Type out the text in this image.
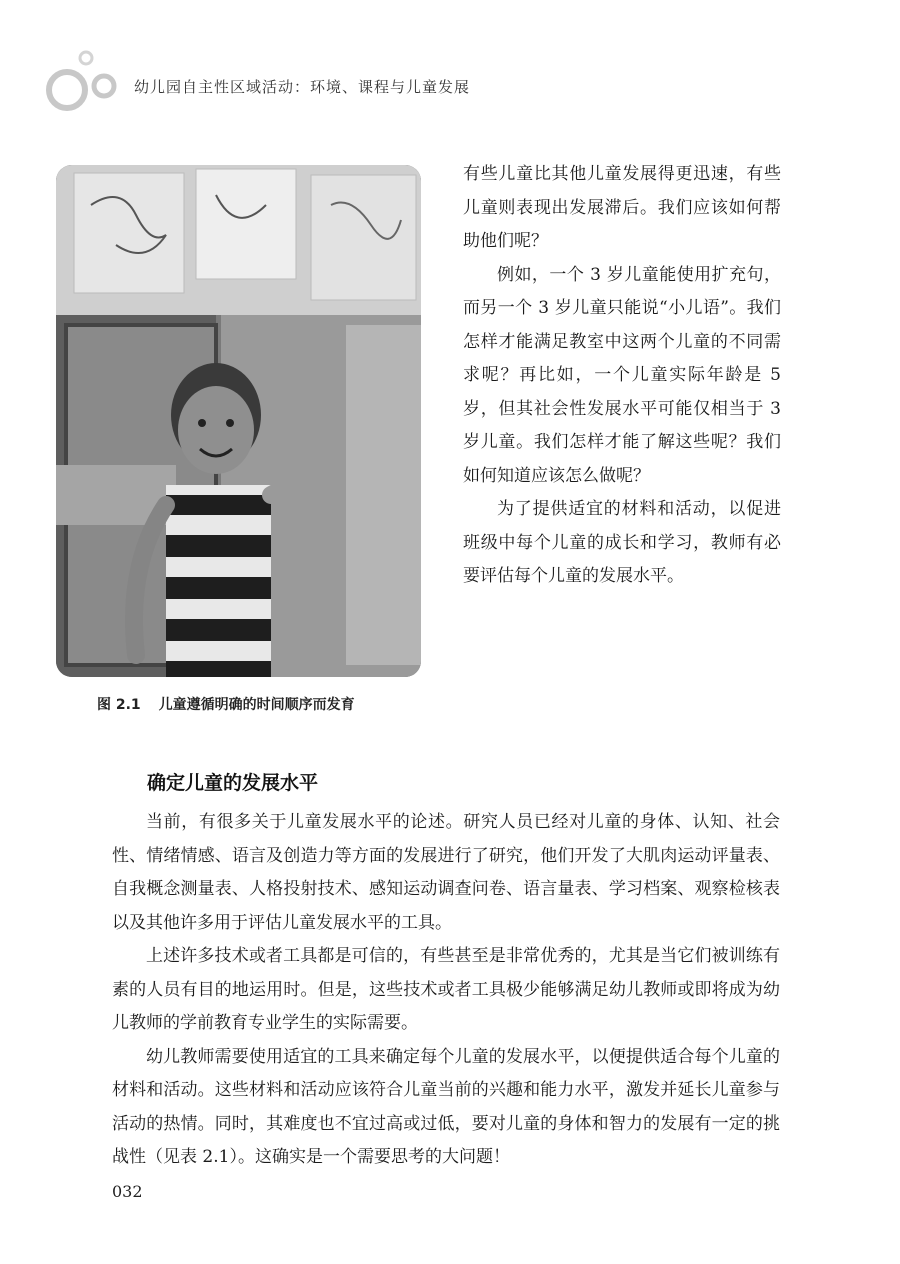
幼儿园自主性区域活动：环境、课程与儿童发展
图 2.1 儿童遵循明确的时间顺序而发育

有些儿童比其他儿童发展得更迅速，有些儿童则表现出发展滞后。我们应该如何帮助他们呢？

例如，一个 3 岁儿童能使用扩充句，而另一个 3 岁儿童只能说“小儿语”。我们怎样才能满足教室中这两个儿童的不同需求呢？再比如，一个儿童实际年龄是 5 岁，但其社会性发展水平可能仅相当于 3 岁儿童。我们怎样才能了解这些呢？我们如何知道应该怎么做呢？

为了提供适宜的材料和活动，以促进班级中每个儿童的成长和学习，教师有必要评估每个儿童的发展水平。

确定儿童的发展水平

当前，有很多关于儿童发展水平的论述。研究人员已经对儿童的身体、认知、社会性、情绪情感、语言及创造力等方面的发展进行了研究，他们开发了大肌肉运动评量表、自我概念测量表、人格投射技术、感知运动调查问卷、语言量表、学习档案、观察检核表以及其他许多用于评估儿童发展水平的工具。

上述许多技术或者工具都是可信的，有些甚至是非常优秀的，尤其是当它们被训练有素的人员有目的地运用时。但是，这些技术或者工具极少能够满足幼儿教师或即将成为幼儿教师的学前教育专业学生的实际需要。

幼儿教师需要使用适宜的工具来确定每个儿童的发展水平，以便提供适合每个儿童的材料和活动。这些材料和活动应该符合儿童当前的兴趣和能力水平，激发并延长儿童参与活动的热情。同时，其难度也不宜过高或过低，要对儿童的身体和智力的发展有一定的挑战性（见表 2.1）。这确实是一个需要思考的大问题！

032
